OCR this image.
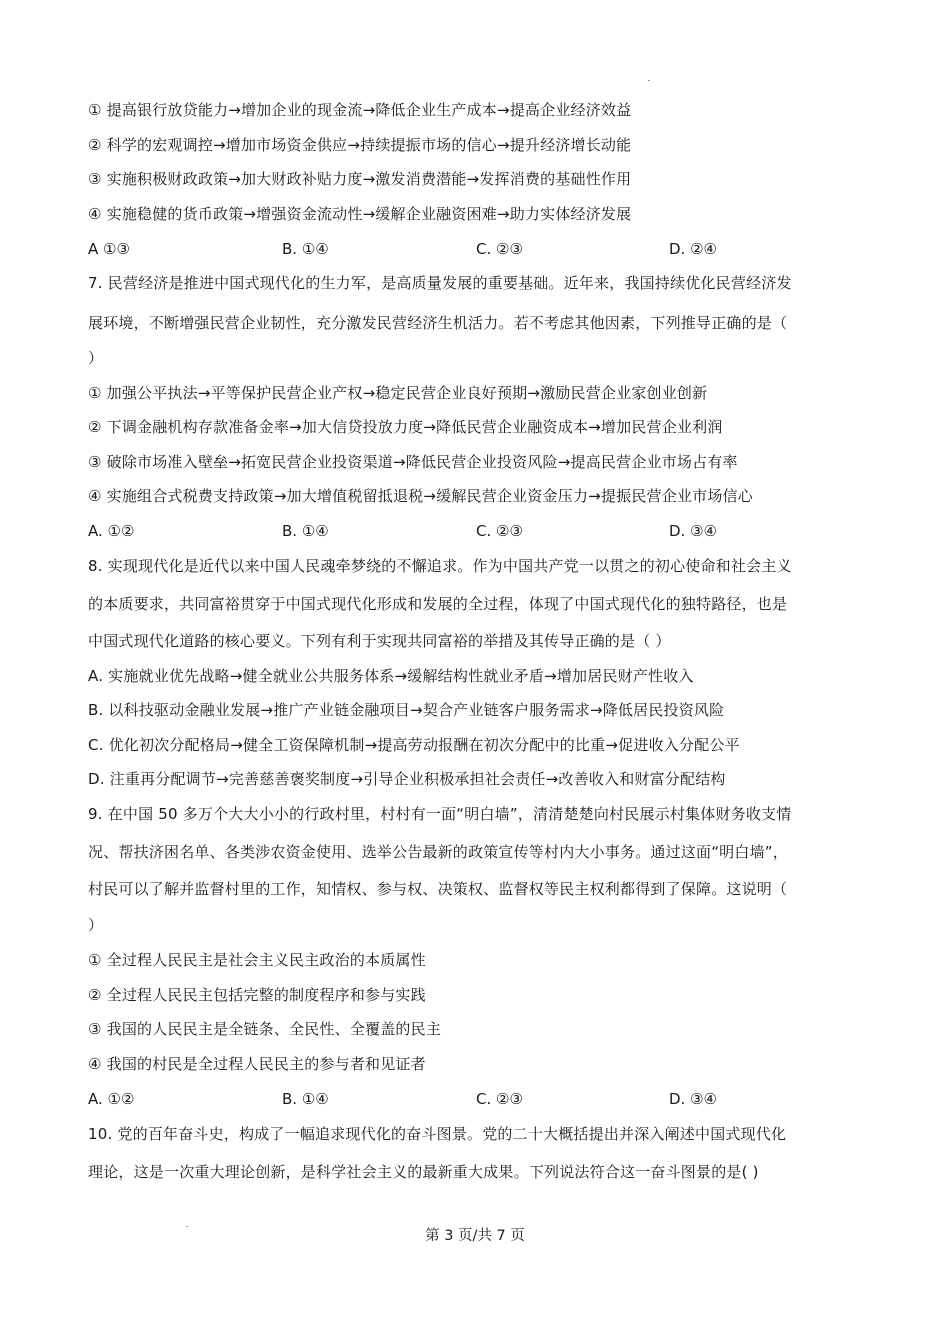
① 提高银行放贷能力→增加企业的现金流→降低企业生产成本→提高企业经济效益
② 科学的宏观调控→增加市场资金供应→持续提振市场的信心→提升经济增长动能
③ 实施积极财政政策→加大财政补贴力度→激发消费潜能→发挥消费的基础性作用
④ 实施稳健的货币政策→增强资金流动性→缓解企业融资困难→助力实体经济发展
A ①③	B. ①④	C. ②③	D. ②④
7. 民营经济是推进中国式现代化的生力军，是高质量发展的重要基础。近年来，我国持续优化民营经济发
展环境，不断增强民营企业韧性，充分激发民营经济生机活力。若不考虑其他因素，下列推导正确的是（
）
① 加强公平执法→平等保护民营企业产权→稳定民营企业良好预期→激励民营企业家创业创新
② 下调金融机构存款准备金率→加大信贷投放力度→降低民营企业融资成本→增加民营企业利润
③ 破除市场准入壁垒→拓宽民营企业投资渠道→降低民营企业投资风险→提高民营企业市场占有率
④ 实施组合式税费支持政策→加大增值税留抵退税→缓解民营企业资金压力→提振民营企业市场信心
A. ①②	B. ①④	C. ②③	D. ③④
8. 实现现代化是近代以来中国人民魂牵梦绕的不懈追求。作为中国共产党一以贯之的初心使命和社会主义
的本质要求，共同富裕贯穿于中国式现代化形成和发展的全过程，体现了中国式现代化的独特路径，也是
中国式现代化道路的核心要义。下列有利于实现共同富裕的举措及其传导正确的是（ ）
A. 实施就业优先战略→健全就业公共服务体系→缓解结构性就业矛盾→增加居民财产性收入
B. 以科技驱动金融业发展→推广产业链金融项目→契合产业链客户服务需求→降低居民投资风险
C. 优化初次分配格局→健全工资保障机制→提高劳动报酬在初次分配中的比重→促进收入分配公平
D. 注重再分配调节→完善慈善褒奖制度→引导企业积极承担社会责任→改善收入和财富分配结构
9. 在中国 50 多万个大大小小的行政村里，村村有一面“明白墙”，清清楚楚向村民展示村集体财务收支情
况、帮扶济困名单、各类涉农资金使用、选举公告最新的政策宣传等村内大小事务。通过这面“明白墙”，
村民可以了解并监督村里的工作，知情权、参与权、决策权、监督权等民主权利都得到了保障。这说明（
）
① 全过程人民民主是社会主义民主政治的本质属性
② 全过程人民民主包括完整的制度程序和参与实践
③ 我国的人民民主是全链条、全民性、全覆盖的民主
④ 我国的村民是全过程人民民主的参与者和见证者
A. ①②	B. ①④	C. ②③	D. ③④
10. 党的百年奋斗史，构成了一幅追求现代化的奋斗图景。党的二十大概括提出并深入阐述中国式现代化
理论，这是一次重大理论创新，是科学社会主义的最新重大成果。下列说法符合这一奋斗图景的是( )
第 3 页/共 7 页
